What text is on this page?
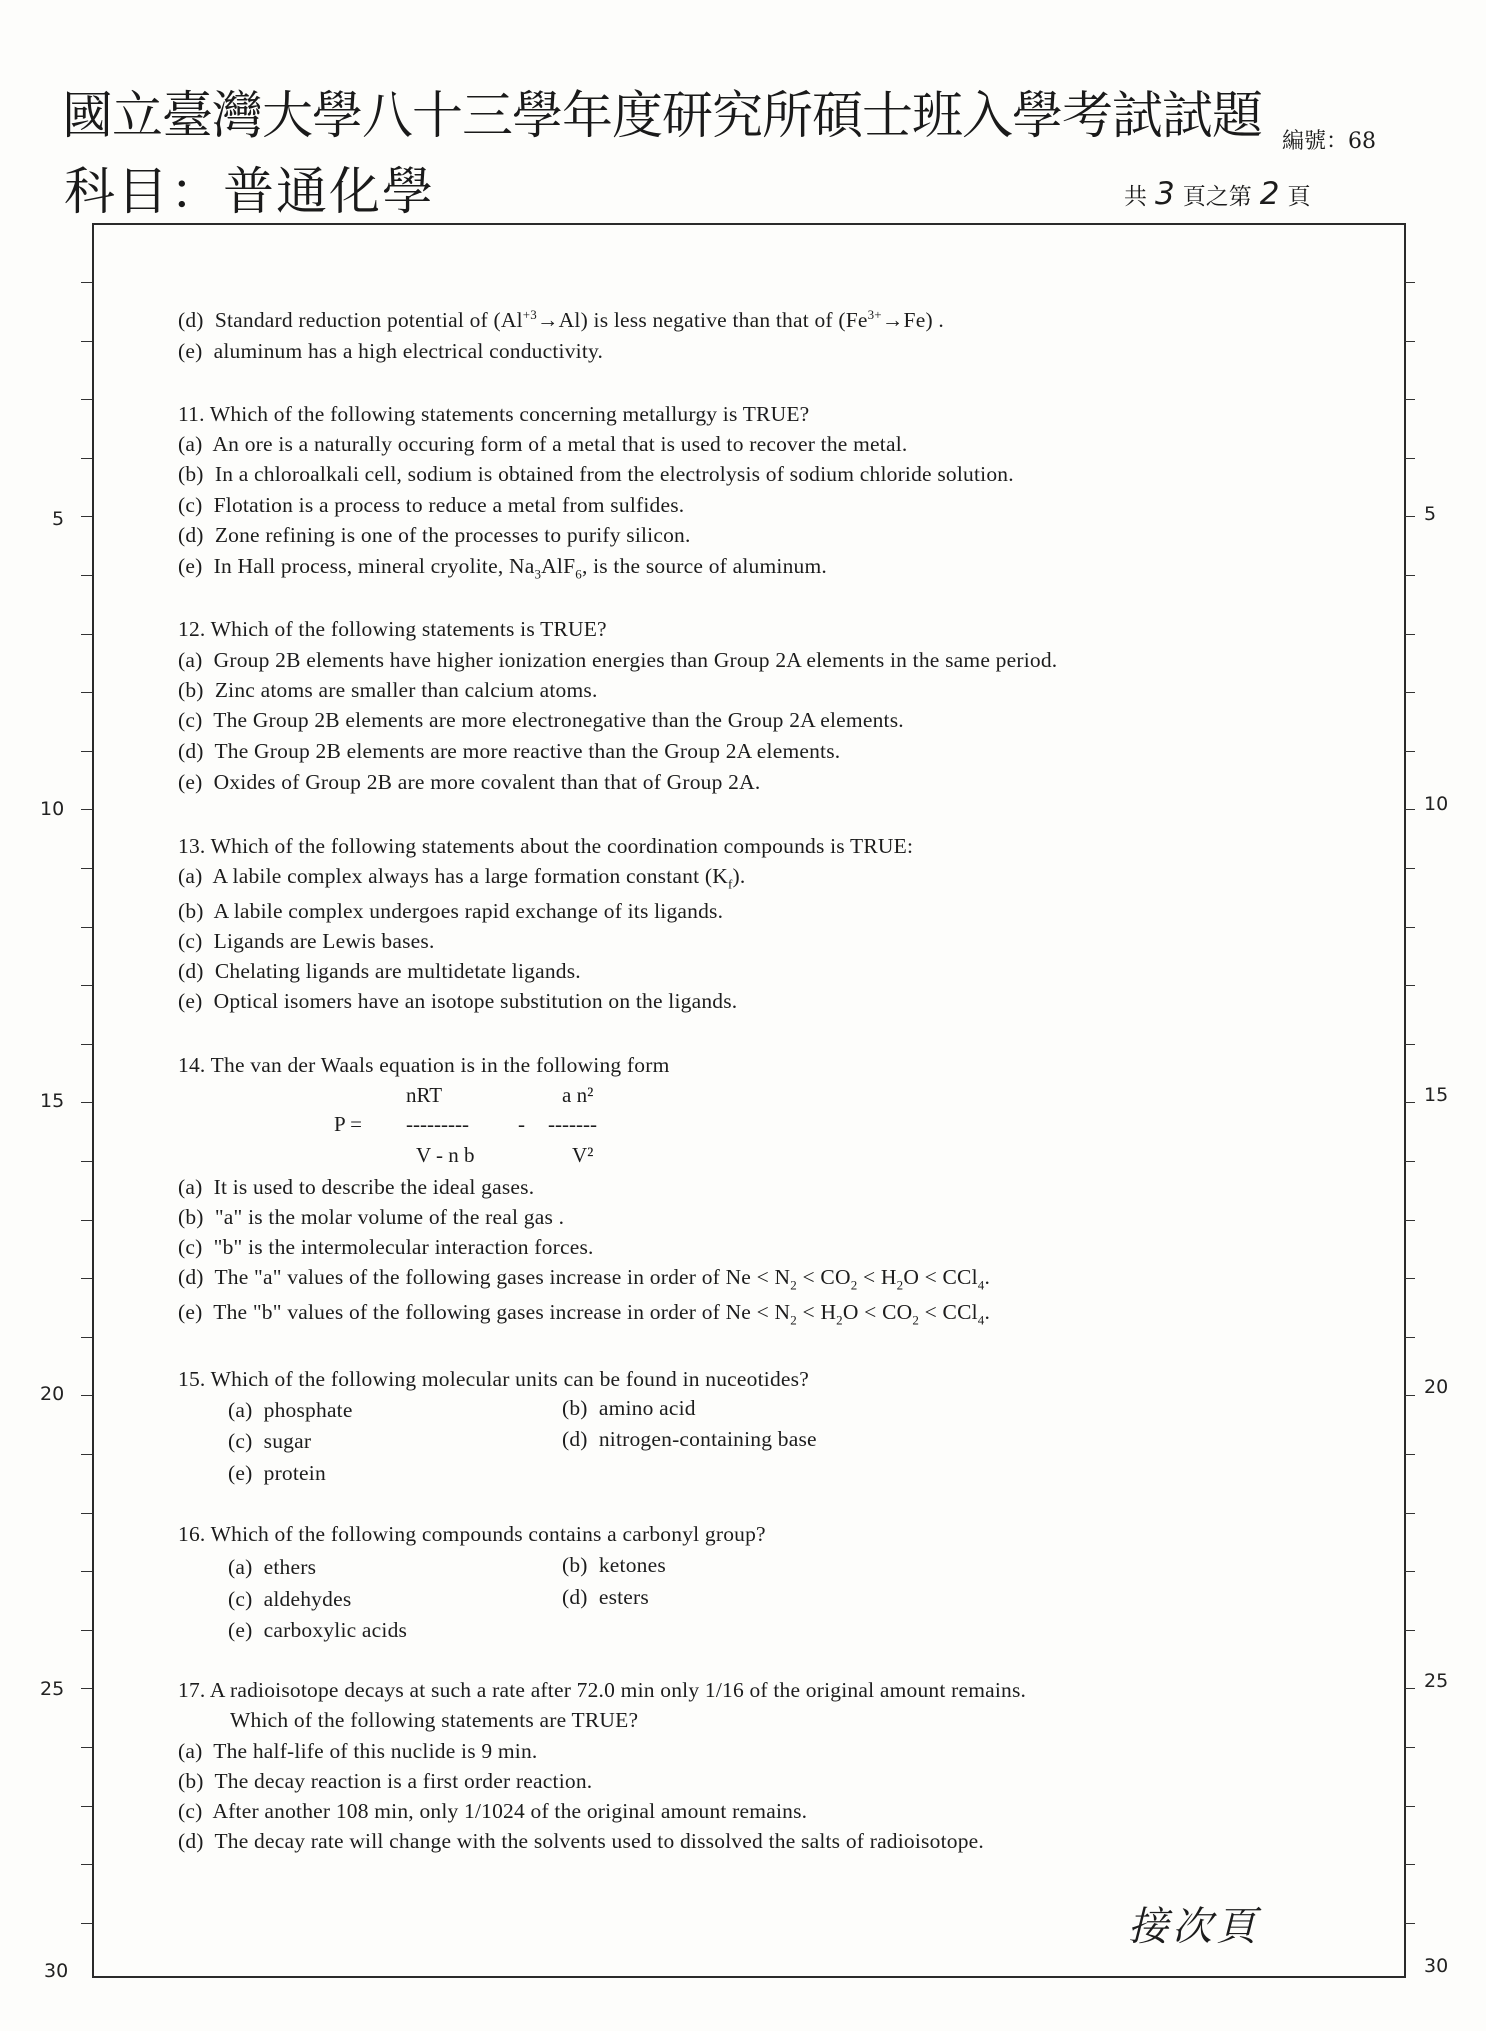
國立臺灣大學八十三學年度研究所碩士班入學考試試題
科目：普通化學
編號：68
共 3 頁之第 2 頁
5	5
10	10
15	15
20	20
25	25
30	30
(d) Standard reduction potential of $(Al^{+3}\to Al)$ is less negative than that of $(Fe^{3+}\to Fe)$ .
(e) aluminum has a high electrical conductivity.
11. Which of the following statements concerning metallurgy is TRUE?
(a) An ore is a naturally occuring form of a metal that is used to recover the metal.
(b) In a chloroalkali cell, sodium is obtained from the electrolysis of sodium chloride solution.
(c) Flotation is a process to reduce a metal from sulfides.
(d) Zone refining is one of the processes to purify silicon.
(e) In Hall process, mineral cryolite, $Na_3AlF_6$, is the source of aluminum.
12. Which of the following statements is TRUE?
(a) Group 2B elements have higher ionization energies than Group 2A elements in the same period.
(b) Zinc atoms are smaller than calcium atoms.
(c) The Group 2B elements are more electronegative than the Group 2A elements.
(d) The Group 2B elements are more reactive than the Group 2A elements.
(e) Oxides of Group 2B are more covalent than that of Group 2A.
13. Which of the following statements about the coordination compounds is TRUE:
(a) A labile complex always has a large formation constant $(K_f)$.
(b) A labile complex undergoes rapid exchange of its ligands.
(c) Ligands are Lewis bases.
(d) Chelating ligands are multidetate ligands.
(e) Optical isomers have an isotope substitution on the ligands.
14. The van der Waals equation is in the following form
nRT	a n²
P = --------- - -------
V - n b	V²
(a) It is used to describe the ideal gases.
(b) "a" is the molar volume of the real gas .
(c) "b" is the intermolecular interaction forces.
(d) The "a" values of the following gases increase in order of $Ne < N_2 < CO_2 < H_2O < CCl_4$.
(e) The "b" values of the following gases increase in order of $Ne < N_2 < H_2O < CO_2 < CCl_4$.
15. Which of the following molecular units can be found in nuceotides?
(a) phosphate	(b) amino acid
(c) sugar	(d) nitrogen-containing base
(e) protein
16. Which of the following compounds contains a carbonyl group?
(a) ethers	(b) ketones
(c) aldehydes	(d) esters
(e) carboxylic acids
17. A radioisotope decays at such a rate after 72.0 min only 1/16 of the original amount remains.
Which of the following statements are TRUE?
(a) The half-life of this nuclide is 9 min.
(b) The decay reaction is a first order reaction.
(c) After another 108 min, only 1/1024 of the original amount remains.
(d) The decay rate will change with the solvents used to dissolved the salts of radioisotope.
接次頁
